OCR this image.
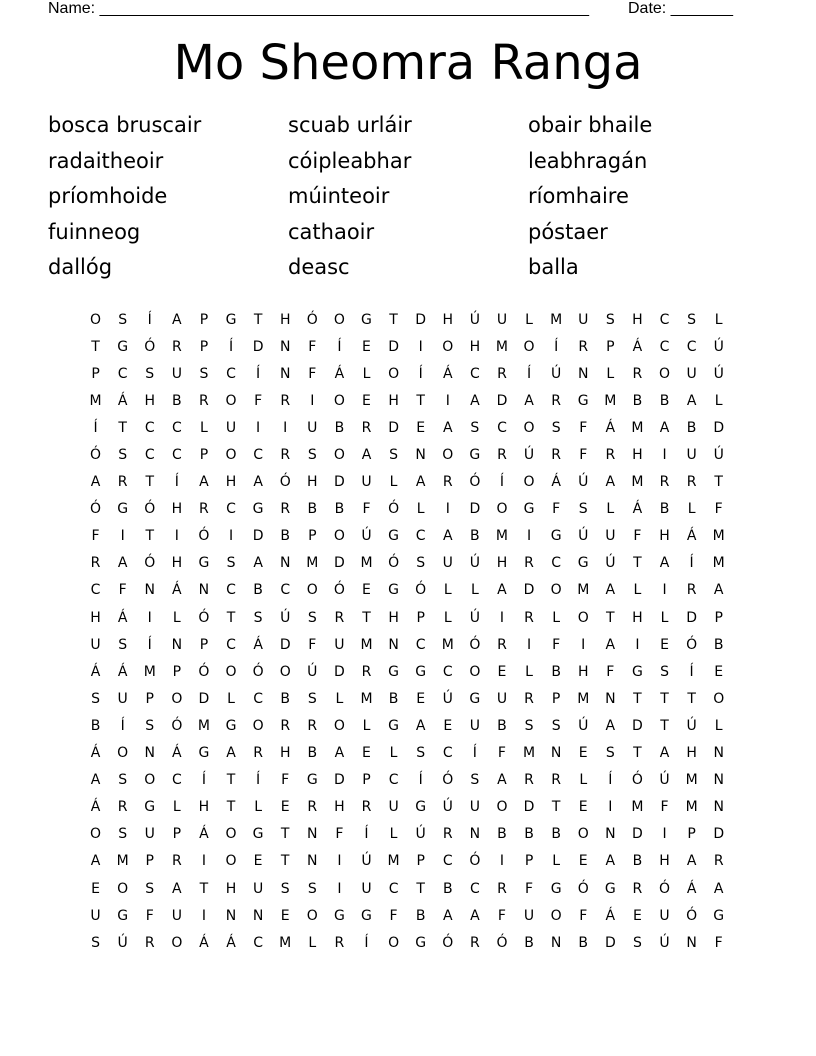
Name: _______________________________________________________ Date: _______
Mo Sheomra Ranga
bosca bruscair	scuab urláir	obair bhaile
radaitheoir	cóipleabhar	leabhragán
príomhoide	múinteoir	ríomhaire
fuinneog	cathaoir	póstaer
dallóg	deasc	balla
O	S	Í	A	P	G	T	H	Ó	O	G	T	D	H	Ú	U	L	M	U	S	H	C	S	L
T	G	Ó	R	P	Í	D	N	F	Í	E	D	I	O	H	M	O	Í	R	P	Á	C	C	Ú
P	C	S	U	S	C	Í	N	F	Á	L	O	Í	Á	C	R	Í	Ú	N	L	R	O	U	Ú
M	Á	H	B	R	O	F	R	I	O	E	H	T	I	A	D	A	R	G	M	B	B	A	L
Í	T	C	C	L	U	I	I	U	B	R	D	E	A	S	C	O	S	F	Á	M	A	B	D
Ó	S	C	C	P	O	C	R	S	O	A	S	N	O	G	R	Ú	R	F	R	H	I	U	Ú
A	R	T	Í	A	H	A	Ó	H	D	U	L	A	R	Ó	Í	O	Á	Ú	A	M	R	R	T
Ó	G	Ó	H	R	C	G	R	B	B	F	Ó	L	I	D	O	G	F	S	L	Á	B	L	F
F	I	T	I	Ó	I	D	B	P	O	Ú	G	C	A	B	M	I	G	Ú	U	F	H	Á	M
R	A	Ó	H	G	S	A	N	M	D	M	Ó	S	U	Ú	H	R	C	G	Ú	T	A	Í	M
C	F	N	Á	N	C	B	C	O	Ó	E	G	Ó	L	L	A	D	O	M	A	L	I	R	A
H	Á	I	L	Ó	T	S	Ú	S	R	T	H	P	L	Ú	I	R	L	O	T	H	L	D	P
U	S	Í	N	P	C	Á	D	F	U	M	N	C	M	Ó	R	I	F	I	A	I	E	Ó	B
Á	Á	M	P	Ó	O	Ó	O	Ú	D	R	G	G	C	O	E	L	B	H	F	G	S	Í	E
S	U	P	O	D	L	C	B	S	L	M	B	E	Ú	G	U	R	P	M	N	T	T	T	O
B	Í	S	Ó	M	G	O	R	R	O	L	G	A	E	U	B	S	S	Ú	A	D	T	Ú	L
Á	O	N	Á	G	A	R	H	B	A	E	L	S	C	Í	F	M	N	E	S	T	A	H	N
A	S	O	C	Í	T	Í	F	G	D	P	C	Í	Ó	S	A	R	R	L	Í	Ó	Ú	M	N
Á	R	G	L	H	T	L	E	R	H	R	U	G	Ú	U	O	D	T	E	I	M	F	M	N
O	S	U	P	Á	O	G	T	N	F	Í	L	Ú	R	N	B	B	B	O	N	D	I	P	D
A	M	P	R	I	O	E	T	N	I	Ú	M	P	C	Ó	I	P	L	E	A	B	H	A	R
E	O	S	A	T	H	U	S	S	I	U	C	T	B	C	R	F	G	Ó	G	R	Ó	Á	A
U	G	F	U	I	N	N	E	O	G	G	F	B	A	A	F	U	O	F	Á	E	U	Ó	G
S	Ú	R	O	Á	Á	C	M	L	R	Í	O	G	Ó	R	Ó	B	N	B	D	S	Ú	N	F
